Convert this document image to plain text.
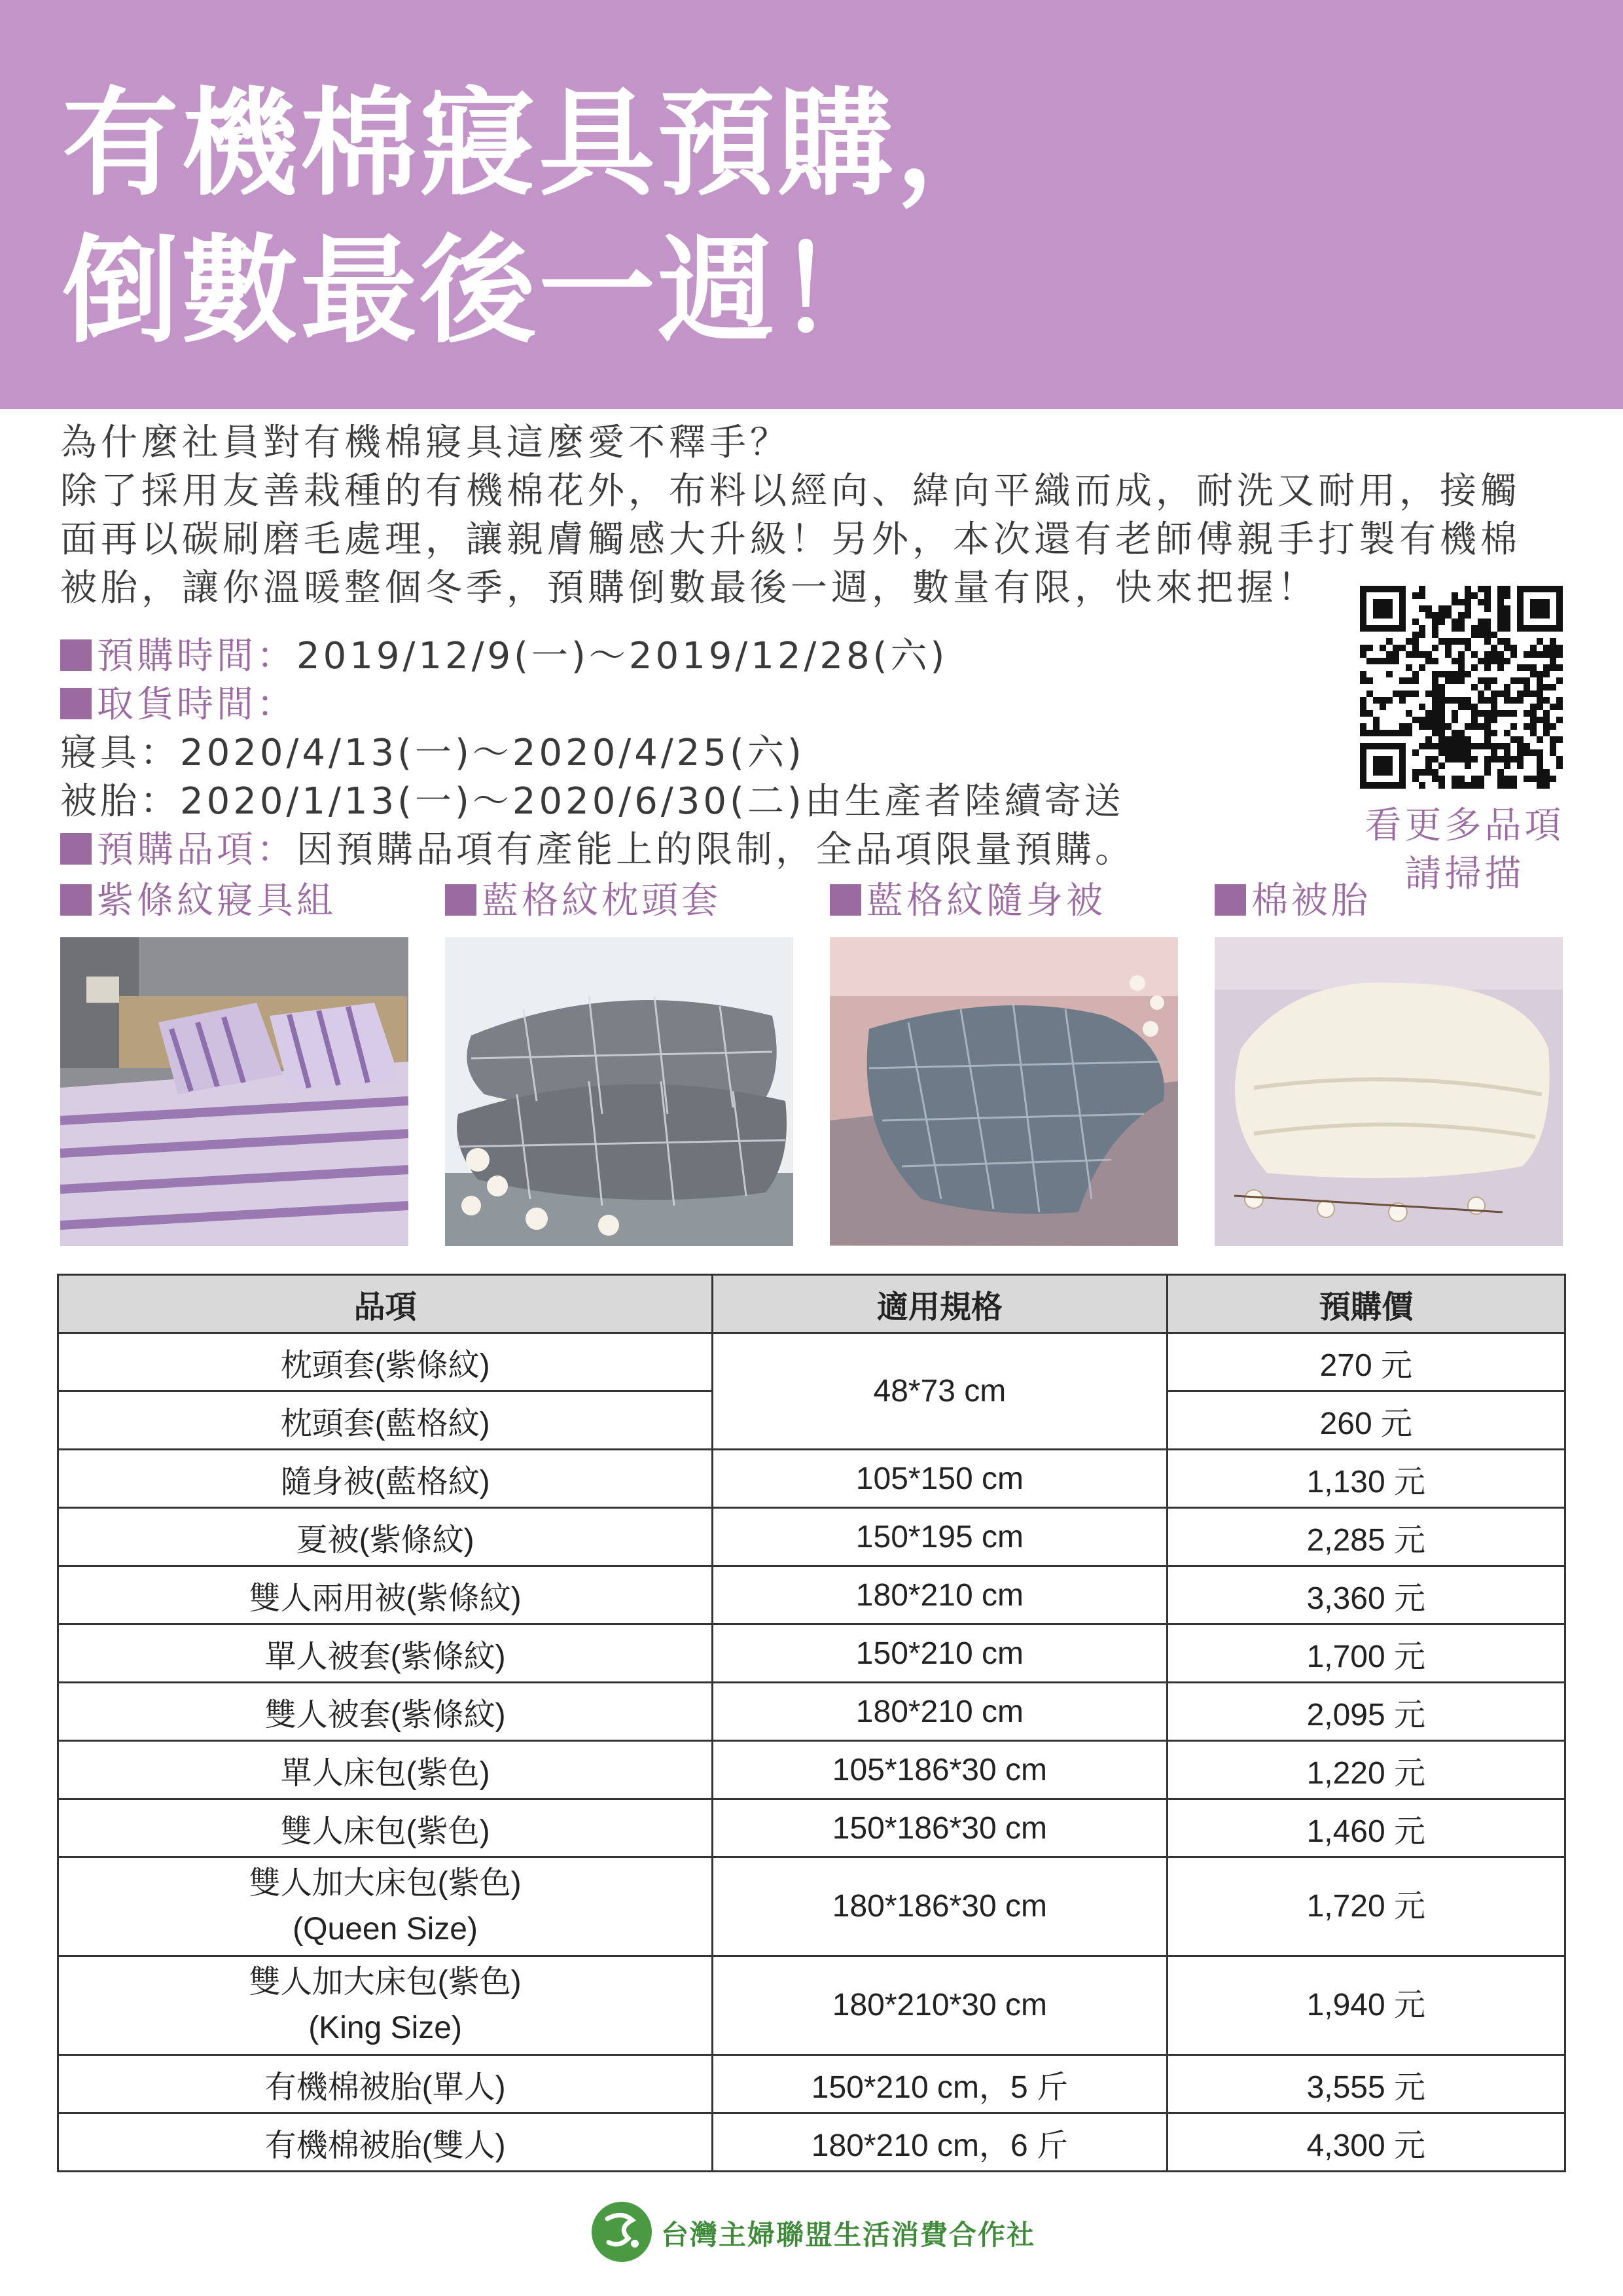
有機棉寢具預購，
倒數最後一週！

為什麼社員對有機棉寢具這麼愛不釋手？

除了採用友善栽種的有機棉花外，布料以經向、緯向平織而成，耐洗又耐用，接觸

面再以碳刷磨毛處理，讓親膚觸感大升級！另外，本次還有老師傅親手打製有機棉

被胎，讓你溫暖整個冬季，預購倒數最後一週，數量有限，快來把握！

預購時間：2019/12/9(一)～2019/12/28(六)
取貨時間：
寢具：2020/4/13(一)～2020/4/25(六)
被胎：2020/1/13(一)～2020/6/30(二)由生產者陸續寄送
預購品項：因預購品項有產能上的限制，全品項限量預購。
看更多品項
請掃描
紫條紋寢具組	藍格紋枕頭套	藍格紋隨身被	棉被胎
品項	適用規格	預購價
枕頭套(紫條紋)	48*73 cm	270 元
枕頭套(藍格紋)		260 元
隨身被(藍格紋)	105*150 cm	1,130 元
夏被(紫條紋)	150*195 cm	2,285 元
雙人兩用被(紫條紋)	180*210 cm	3,360 元
單人被套(紫條紋)	150*210 cm	1,700 元
雙人被套(紫條紋)	180*210 cm	2,095 元
單人床包(紫色)	105*186*30 cm	1,220 元
雙人床包(紫色)	150*186*30 cm	1,460 元

雙人加大床包(紫色)
(Queen Size)	180*186*30 cm	1,720 元

雙人加大床包(紫色)
(King Size)	180*210*30 cm	1,940 元
有機棉被胎(單人)	150*210 cm，5 斤	3,555 元
有機棉被胎(雙人)	180*210 cm，6 斤	4,300 元
台灣主婦聯盟生活消費合作社
